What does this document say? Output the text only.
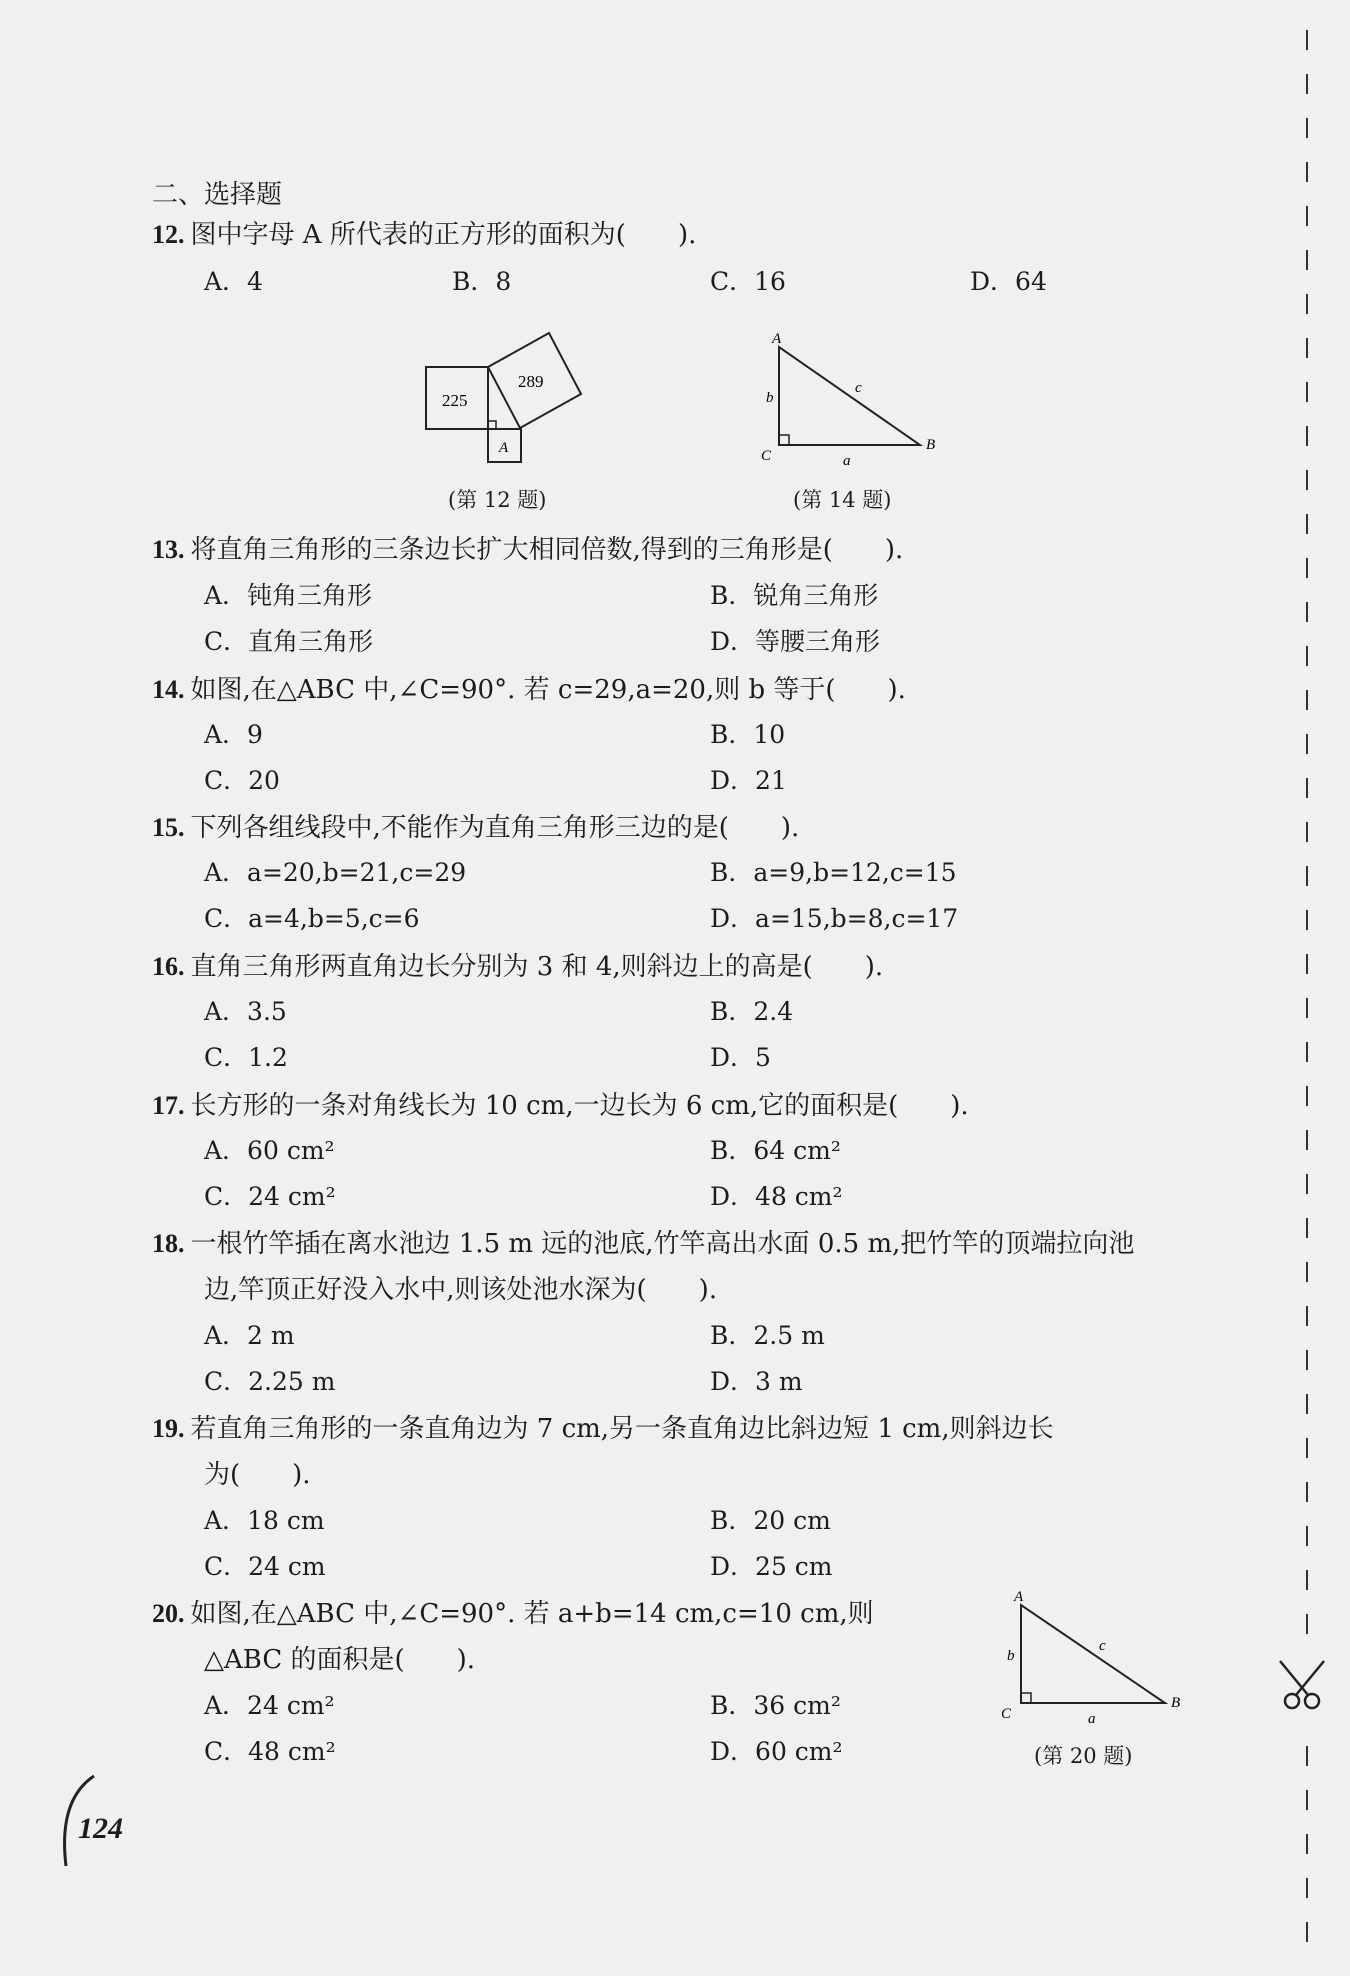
二、选择题
12. 图中字母 A 所代表的正方形的面积为(　　).
A．4	B．8	C．16	D．64
225
289
A
(第 12 题)
A
B
C	a
b
c
(第 14 题)
13. 将直角三角形的三条边长扩大相同倍数,得到的三角形是(　　).
A．钝角三角形	B．锐角三角形
C．直角三角形	D．等腰三角形
14. 如图,在△ABC 中,∠C=90°. 若 c=29,a=20,则 b 等于(　　).
A．9	B．10
C．20	D．21
15. 下列各组线段中,不能作为直角三角形三边的是(　　).
A．a=20,b=21,c=29	B．a=9,b=12,c=15
C．a=4,b=5,c=6	D．a=15,b=8,c=17
16. 直角三角形两直角边长分别为 3 和 4,则斜边上的高是(　　).
A．3.5	B．2.4
C．1.2	D．5
17. 长方形的一条对角线长为 10 cm,一边长为 6 cm,它的面积是(　　).
A．60 cm²	B．64 cm²
C．24 cm²	D．48 cm²
18. 一根竹竿插在离水池边 1.5 m 远的池底,竹竿高出水面 0.5 m,把竹竿的顶端拉向池
边,竿顶正好没入水中,则该处池水深为(　　).
A．2 m	B．2.5 m
C．2.25 m	D．3 m
19. 若直角三角形的一条直角边为 7 cm,另一条直角边比斜边短 1 cm,则斜边长
为(　　).
A．18 cm	B．20 cm
C．24 cm	D．25 cm
20. 如图,在△ABC 中,∠C=90°. 若 a+b=14 cm,c=10 cm,则
△ABC 的面积是(　　).
A．24 cm²	B．36 cm²
C．48 cm²	D．60 cm²
A
B
C	a
b
c
(第 20 题)
124
